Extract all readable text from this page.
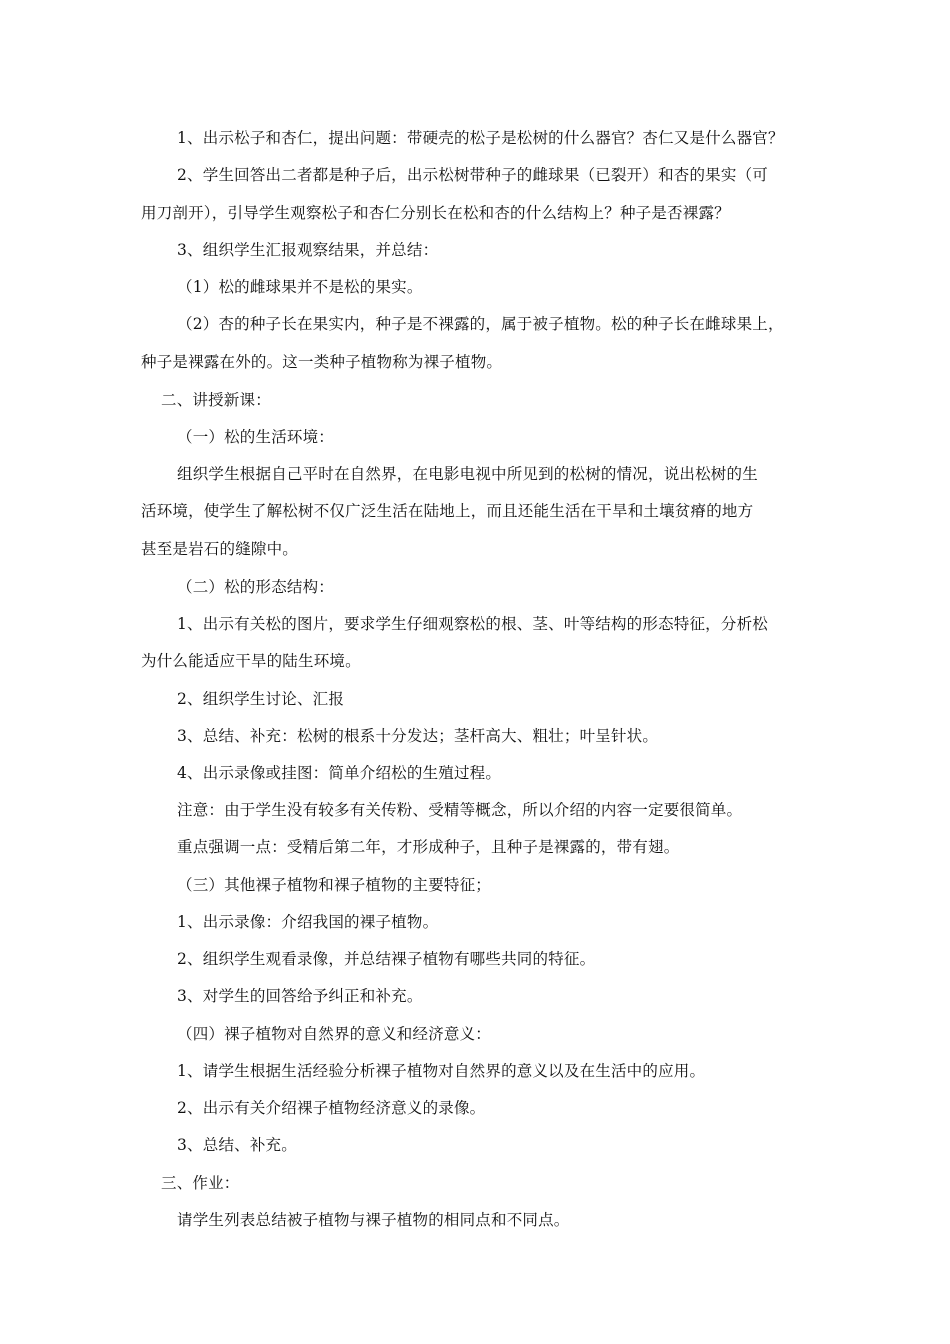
1、出示松子和杏仁，提出问题：带硬壳的松子是松树的什么器官？杏仁又是什么器官？
2、学生回答出二者都是种子后，出示松树带种子的雌球果（已裂开）和杏的果实（可
用刀剖开），引导学生观察松子和杏仁分别长在松和杏的什么结构上？种子是否裸露？
3、组织学生汇报观察结果，并总结：
（1）松的雌球果并不是松的果实。
（2）杏的种子长在果实内，种子是不裸露的，属于被子植物。松的种子长在雌球果上，
种子是裸露在外的。这一类种子植物称为裸子植物。
二、讲授新课：
（一）松的生活环境：
组织学生根据自己平时在自然界，在电影电视中所见到的松树的情况，说出松树的生
活环境，使学生了解松树不仅广泛生活在陆地上，而且还能生活在干旱和土壤贫瘠的地方
甚至是岩石的缝隙中。
（二）松的形态结构：
1、出示有关松的图片，要求学生仔细观察松的根、茎、叶等结构的形态特征，分析松
为什么能适应干旱的陆生环境。
2、组织学生讨论、汇报
3、总结、补充：松树的根系十分发达；茎杆高大、粗壮；叶呈针状。
4、出示录像或挂图：简单介绍松的生殖过程。
注意：由于学生没有较多有关传粉、受精等概念，所以介绍的内容一定要很简单。
重点强调一点：受精后第二年，才形成种子，且种子是裸露的，带有翅。
（三）其他裸子植物和裸子植物的主要特征；
1、出示录像：介绍我国的裸子植物。
2、组织学生观看录像，并总结裸子植物有哪些共同的特征。
3、对学生的回答给予纠正和补充。
（四）裸子植物对自然界的意义和经济意义：
1、请学生根据生活经验分析裸子植物对自然界的意义以及在生活中的应用。
2、出示有关介绍裸子植物经济意义的录像。
3、总结、补充。
三、作业：
请学生列表总结被子植物与裸子植物的相同点和不同点。
